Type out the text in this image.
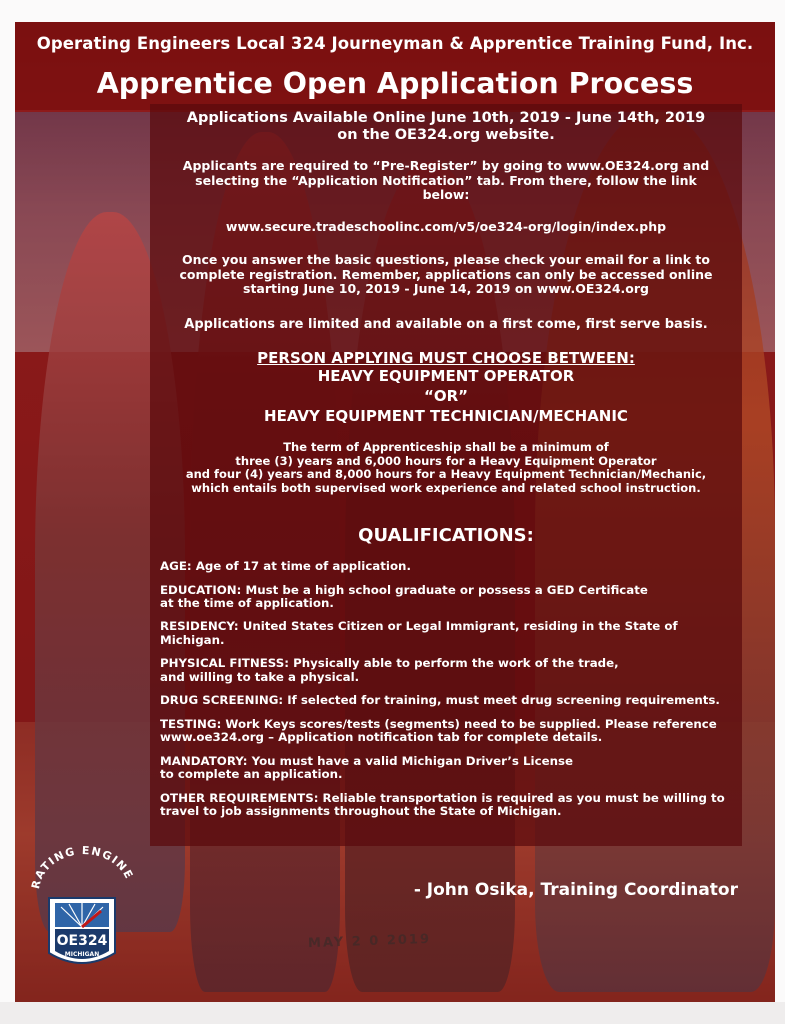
Operating Engineers Local 324 Journeyman & Apprentice Training Fund, Inc.
Apprentice Open Application Process
Applications Available Online June 10th, 2019 - June 14th, 2019
on the OE324.org website.
Applicants are required to “Pre-Register” by going to www.OE324.org and
selecting the “Application Notification” tab. From there, follow the link
below:
www.secure.tradeschoolinc.com/v5/oe324-org/login/index.php
Once you answer the basic questions, please check your email for a link to
complete registration. Remember, applications can only be accessed online
starting June 10, 2019 - June 14, 2019 on www.OE324.org
Applications are limited and available on a first come, first serve basis.
PERSON APPLYING MUST CHOOSE BETWEEN:
HEAVY EQUIPMENT OPERATOR
“OR”
HEAVY EQUIPMENT TECHNICIAN/MECHANIC
The term of Apprenticeship shall be a minimum of
three (3) years and 6,000 hours for a Heavy Equipment Operator
and four (4) years and 8,000 hours for a Heavy Equipment Technician/Mechanic,
which entails both supervised work experience and related school instruction.
QUALIFICATIONS:
AGE: Age of 17 at time of application.
EDUCATION: Must be a high school graduate or possess a GED Certificate
at the time of application.
RESIDENCY: United States Citizen or Legal Immigrant, residing in the State of Michigan.
PHYSICAL FITNESS: Physically able to perform the work of the trade,
and willing to take a physical.
DRUG SCREENING: If selected for training, must meet drug screening requirements.
TESTING: Work Keys scores/tests (segments) need to be supplied. Please reference
www.oe324.org – Application notification tab for complete details.
MANDATORY: You must have a valid Michigan Driver’s License
to complete an application.
OTHER REQUIREMENTS: Reliable transportation is required as you must be willing to
travel to job assignments throughout the State of Michigan.
- John Osika, Training Coordinator
RATING ENGINE
OE324
MICHIGAN
MAY 2 0 2019
